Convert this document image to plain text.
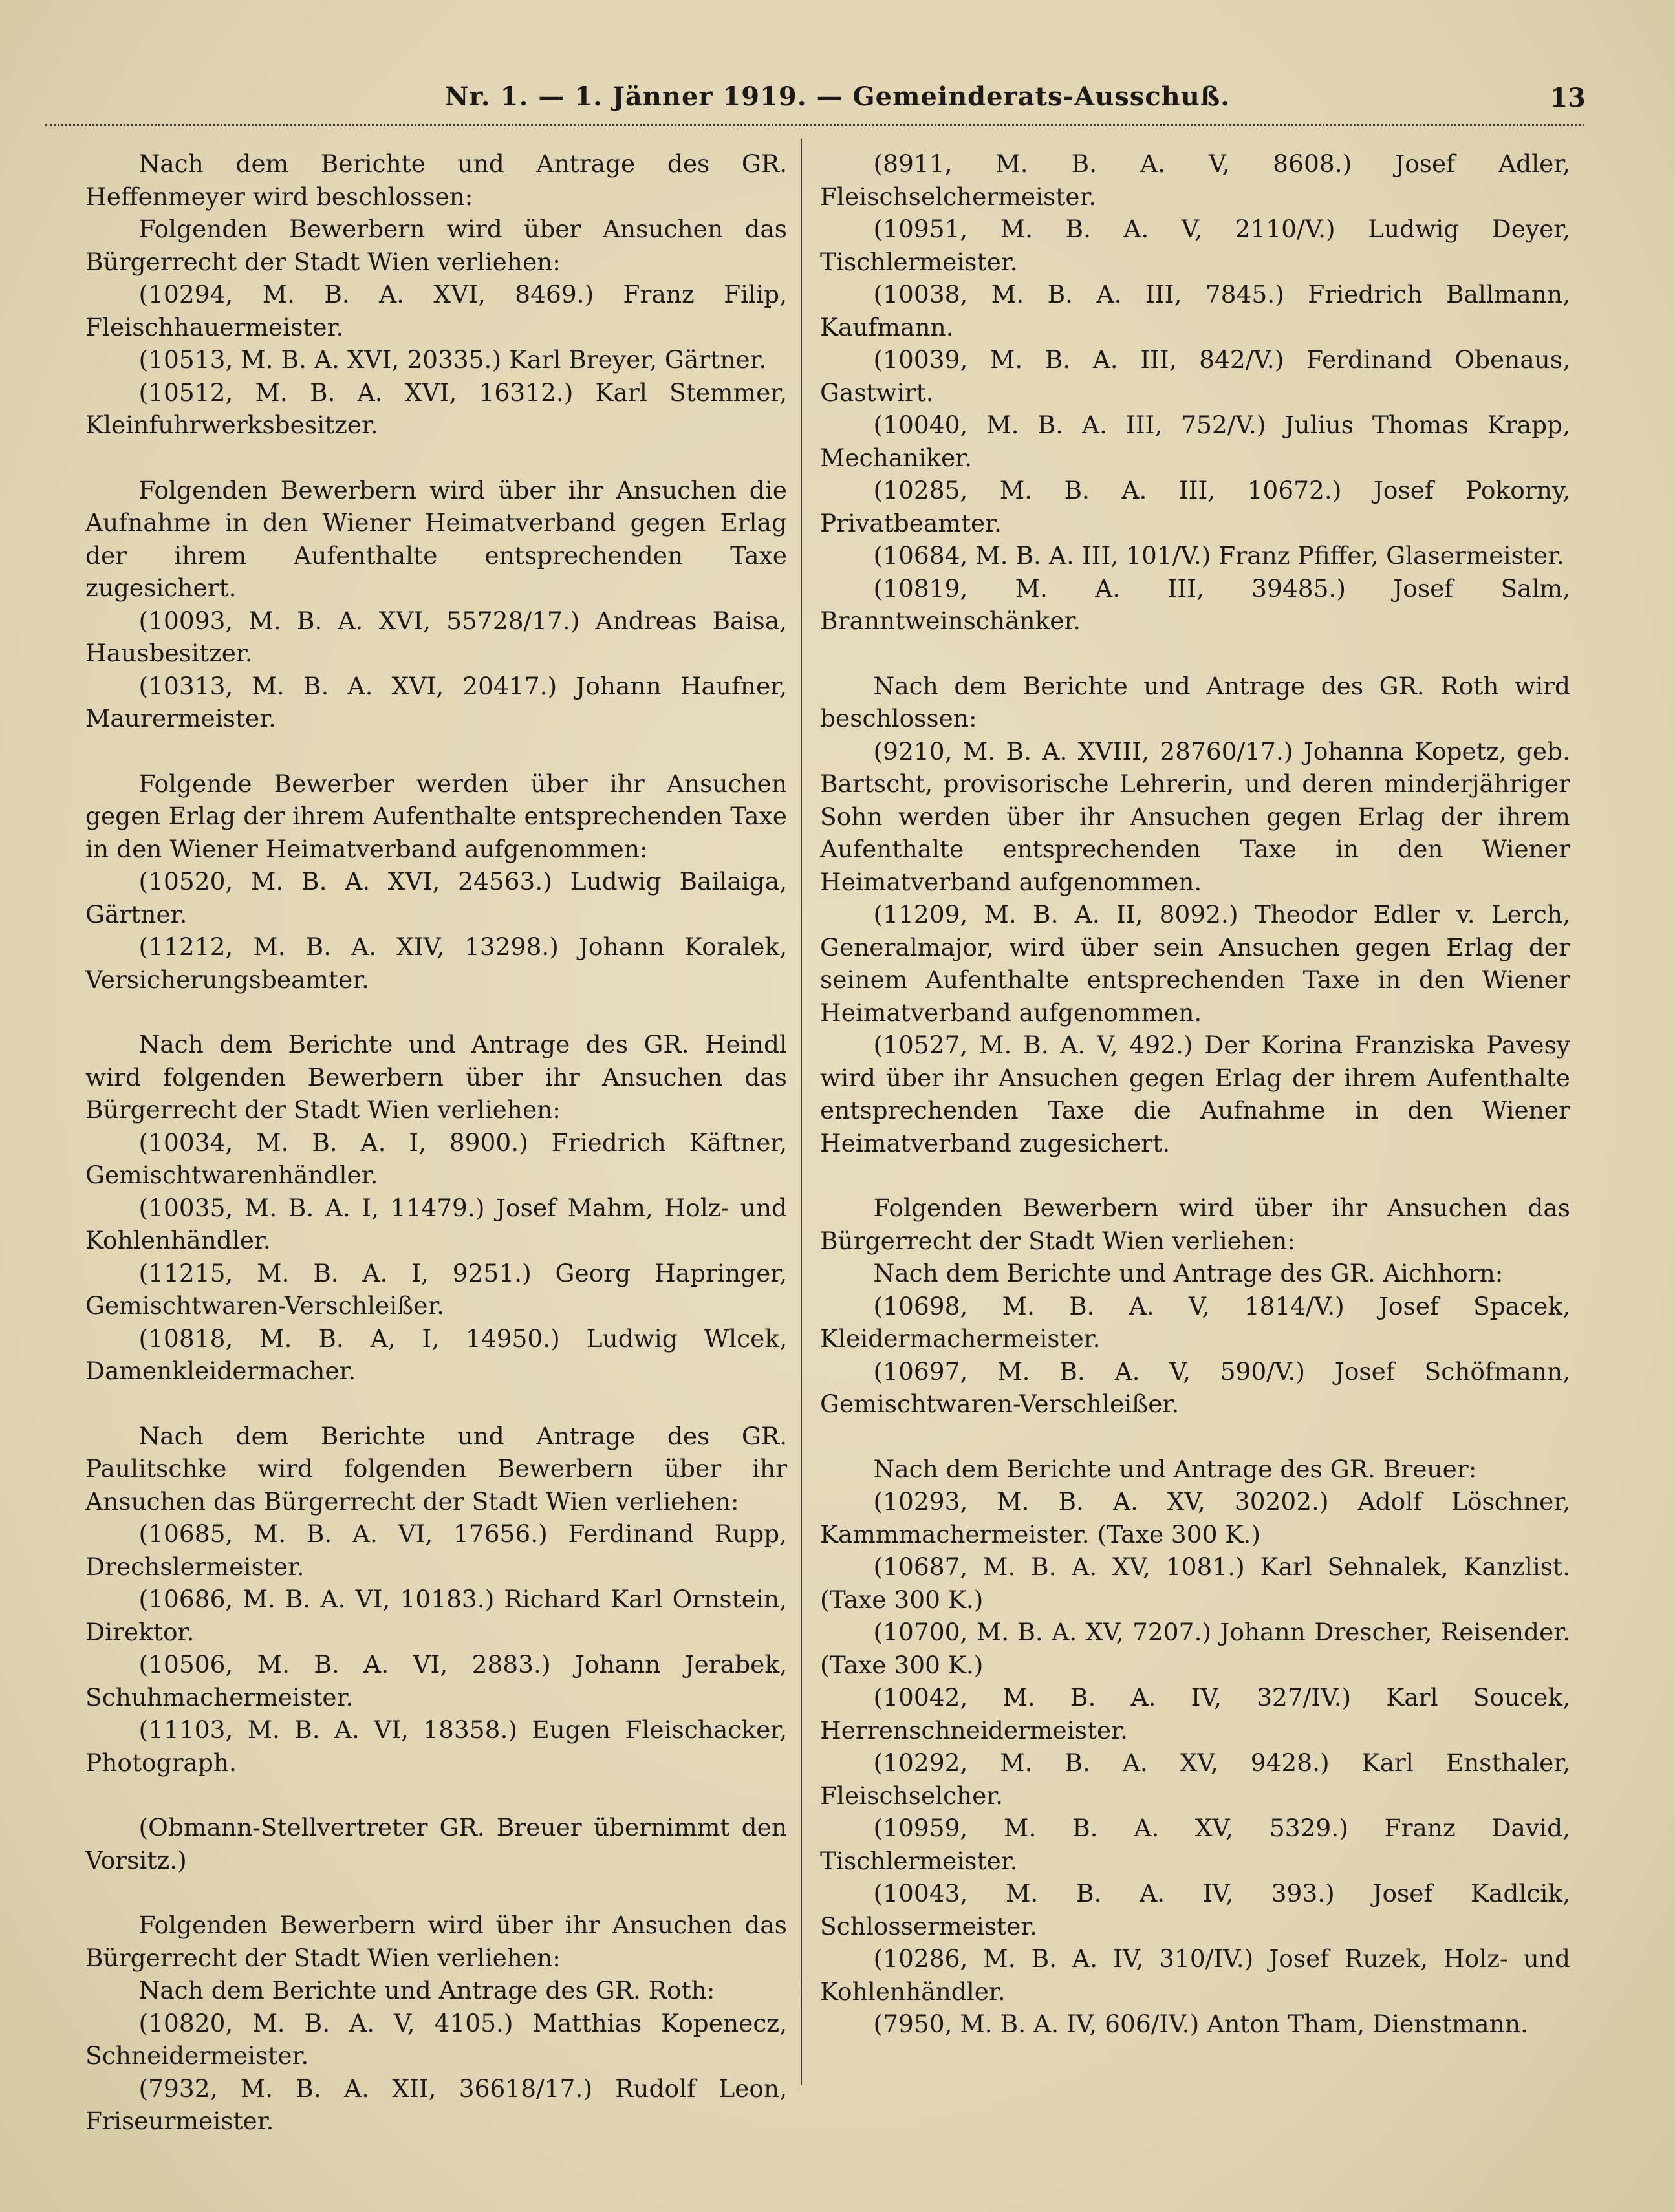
Nr. 1. — 1. Jänner 1919. — Gemeinderats-Ausschuß.	13

Nach dem Berichte und Antrage des GR. Heffenmeyer wird beschlossen:

Folgenden Bewerbern wird über Ansuchen das Bürgerrecht der Stadt Wien verliehen:

(10294, M. B. A. XVI, 8469.) Franz Filip, Fleischhauermeister.

(10513, M. B. A. XVI, 20335.) Karl Breyer, Gärtner.

(10512, M. B. A. XVI, 16312.) Karl Stemmer, Kleinfuhrwerksbesitzer.

Folgenden Bewerbern wird über ihr Ansuchen die Aufnahme in den Wiener Heimatverband gegen Erlag der ihrem Aufenthalte entsprechenden Taxe zugesichert.

(10093, M. B. A. XVI, 55728/17.) Andreas Baisa, Hausbesitzer.

(10313, M. B. A. XVI, 20417.) Johann Haufner, Maurermeister.

Folgende Bewerber werden über ihr Ansuchen gegen Erlag der ihrem Aufenthalte entsprechenden Taxe in den Wiener Heimatverband aufgenommen:

(10520, M. B. A. XVI, 24563.) Ludwig Bailaiga, Gärtner.

(11212, M. B. A. XIV, 13298.) Johann Koralek, Versicherungsbeamter.

Nach dem Berichte und Antrage des GR. Heindl wird folgenden Bewerbern über ihr Ansuchen das Bürgerrecht der Stadt Wien verliehen:

(10034, M. B. A. I, 8900.) Friedrich Käftner, Gemischtwarenhändler.

(10035, M. B. A. I, 11479.) Josef Mahm, Holz- und Kohlenhändler.

(11215, M. B. A. I, 9251.) Georg Hapringer, Gemischtwaren-Verschleißer.

(10818, M. B. A, I, 14950.) Ludwig Wlcek, Damenkleidermacher.

Nach dem Berichte und Antrage des GR. Paulitschke wird folgenden Bewerbern über ihr Ansuchen das Bürgerrecht der Stadt Wien verliehen:

(10685, M. B. A. VI, 17656.) Ferdinand Rupp, Drechslermeister.

(10686, M. B. A. VI, 10183.) Richard Karl Ornstein, Direktor.

(10506, M. B. A. VI, 2883.) Johann Jerabek, Schuhmachermeister.

(11103, M. B. A. VI, 18358.) Eugen Fleischacker, Photograph.

(Obmann-Stellvertreter GR. Breuer übernimmt den Vorsitz.)

Folgenden Bewerbern wird über ihr Ansuchen das Bürgerrecht der Stadt Wien verliehen:

Nach dem Berichte und Antrage des GR. Roth:

(10820, M. B. A. V, 4105.) Matthias Kopenecz, Schneidermeister.

(7932, M. B. A. XII, 36618/17.) Rudolf Leon, Friseurmeister.

(8911, M. B. A. V, 8608.) Josef Adler, Fleischselchermeister.

(10951, M. B. A. V, 2110/V.) Ludwig Deyer, Tischlermeister.

(10038, M. B. A. III, 7845.) Friedrich Ballmann, Kaufmann.

(10039, M. B. A. III, 842/V.) Ferdinand Obenaus, Gastwirt.

(10040, M. B. A. III, 752/V.) Julius Thomas Krapp, Mechaniker.

(10285, M. B. A. III, 10672.) Josef Pokorny, Privatbeamter.

(10684, M. B. A. III, 101/V.) Franz Pfiffer, Glasermeister.

(10819, M. A. III, 39485.) Josef Salm, Branntweinschänker.

Nach dem Berichte und Antrage des GR. Roth wird beschlossen:

(9210, M. B. A. XVIII, 28760/17.) Johanna Kopetz, geb. Bartscht, provisorische Lehrerin, und deren minderjähriger Sohn werden über ihr Ansuchen gegen Erlag der ihrem Aufenthalte entsprechenden Taxe in den Wiener Heimatverband aufgenommen.

(11209, M. B. A. II, 8092.) Theodor Edler v. Lerch, Generalmajor, wird über sein Ansuchen gegen Erlag der seinem Aufenthalte entsprechenden Taxe in den Wiener Heimatverband aufgenommen.

(10527, M. B. A. V, 492.) Der Korina Franziska Pavesy wird über ihr Ansuchen gegen Erlag der ihrem Aufenthalte entsprechenden Taxe die Aufnahme in den Wiener Heimatverband zugesichert.

Folgenden Bewerbern wird über ihr Ansuchen das Bürgerrecht der Stadt Wien verliehen:

Nach dem Berichte und Antrage des GR. Aichhorn:

(10698, M. B. A. V, 1814/V.) Josef Spacek, Kleidermachermeister.

(10697, M. B. A. V, 590/V.) Josef Schöfmann, Gemischtwaren-Verschleißer.

Nach dem Berichte und Antrage des GR. Breuer:

(10293, M. B. A. XV, 30202.) Adolf Löschner, Kammmachermeister. (Taxe 300 K.)

(10687, M. B. A. XV, 1081.) Karl Sehnalek, Kanzlist. (Taxe 300 K.)

(10700, M. B. A. XV, 7207.) Johann Drescher, Reisender. (Taxe 300 K.)

(10042, M. B. A. IV, 327/IV.) Karl Soucek, Herrenschneidermeister.

(10292, M. B. A. XV, 9428.) Karl Ensthaler, Fleischselcher.

(10959, M. B. A. XV, 5329.) Franz David, Tischlermeister.

(10043, M. B. A. IV, 393.) Josef Kadlcik, Schlossermeister.

(10286, M. B. A. IV, 310/IV.) Josef Ruzek, Holz- und Kohlenhändler.

(7950, M. B. A. IV, 606/IV.) Anton Tham, Dienstmann.
